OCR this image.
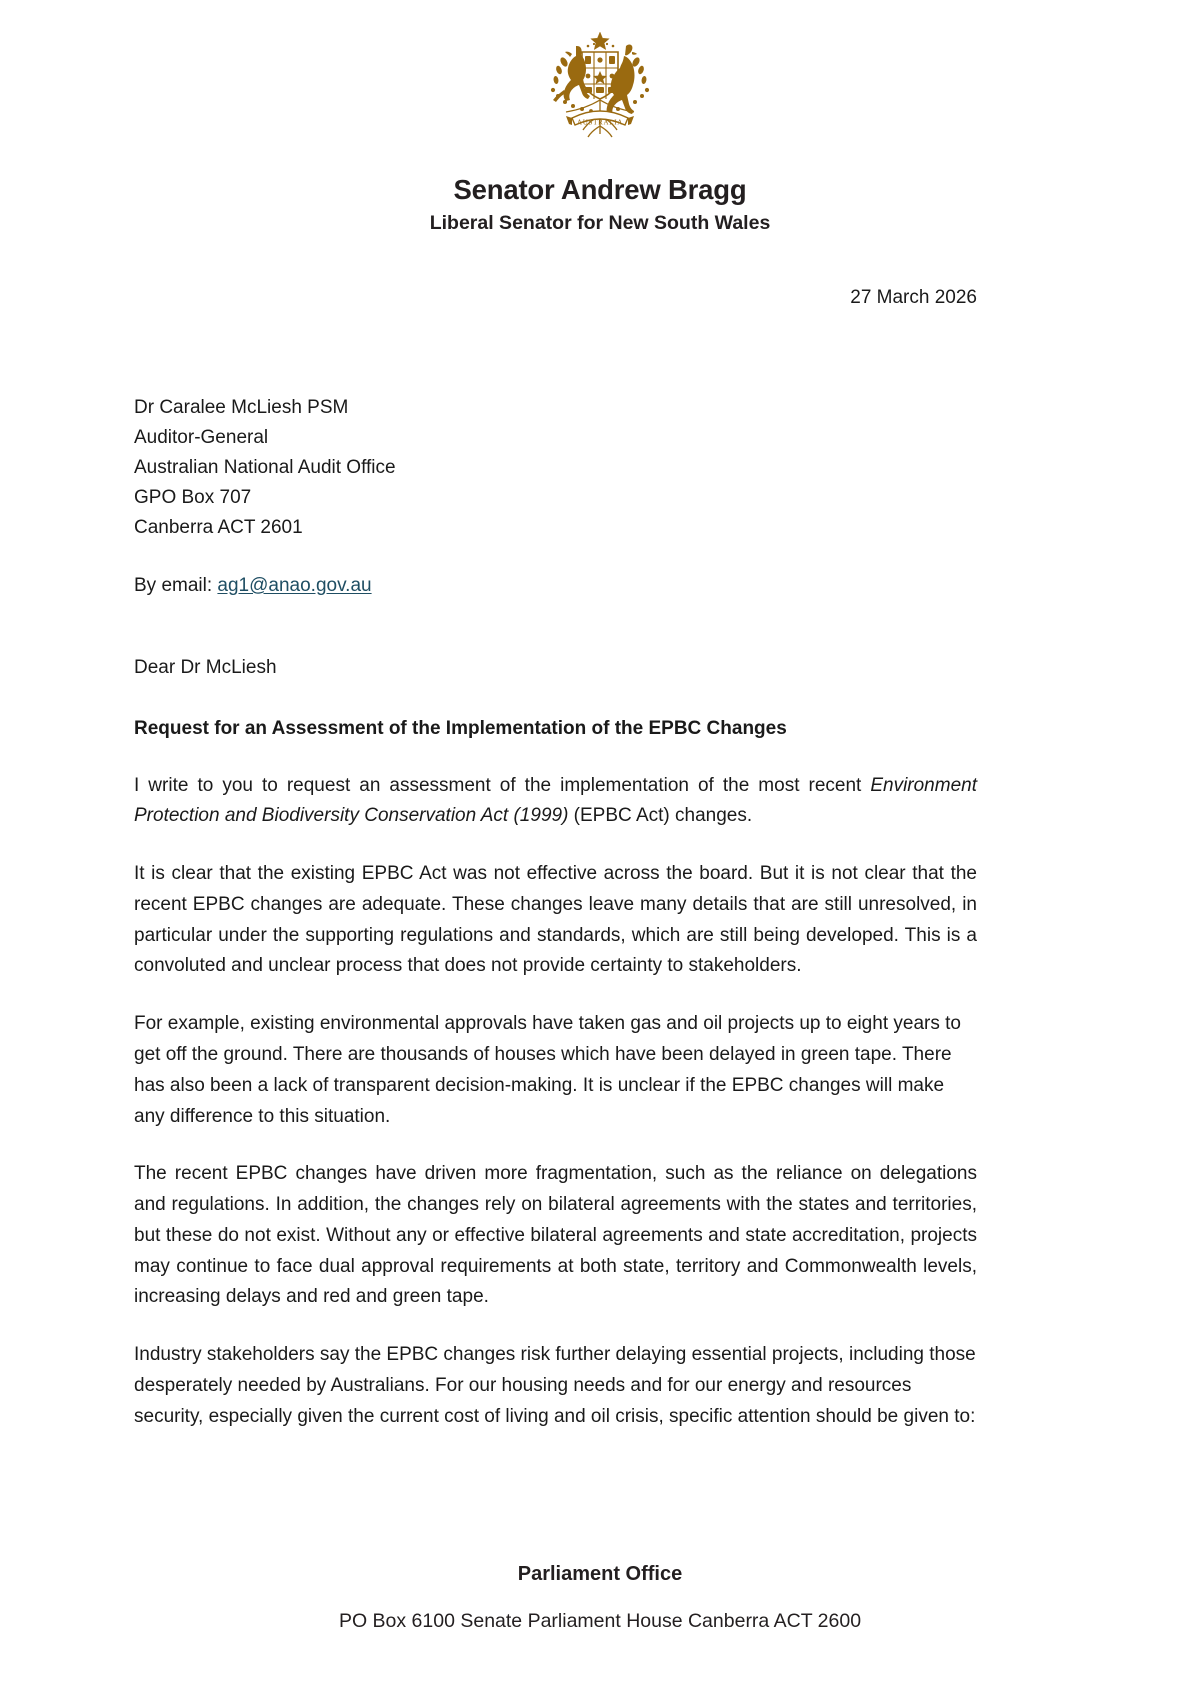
AUSTRALIA
Senator Andrew Bragg
Liberal Senator for New South Wales
27 March 2026
Dr Caralee McLiesh PSM
Auditor-General
Australian National Audit Office
GPO Box 707
Canberra ACT 2601
By email: ag1@anao.gov.au
Dear Dr McLiesh
Request for an Assessment of the Implementation of the EPBC Changes

I write to you to request an assessment of the implementation of the most recent Environment Protection and Biodiversity Conservation Act (1999) (EPBC Act) changes.

It is clear that the existing EPBC Act was not effective across the board. But it is not clear that the recent EPBC changes are adequate. These changes leave many details that are still unresolved, in particular under the supporting regulations and standards, which are still being developed. This is a convoluted and unclear process that does not provide certainty to stakeholders.

For example, existing environmental approvals have taken gas and oil projects up to eight years to get off the ground. There are thousands of houses which have been delayed in green tape. There has also been a lack of transparent decision-making. It is unclear if the EPBC changes will make any difference to this situation.

The recent EPBC changes have driven more fragmentation, such as the reliance on delegations and regulations. In addition, the changes rely on bilateral agreements with the states and territories, but these do not exist. Without any or effective bilateral agreements and state accreditation, projects may continue to face dual approval requirements at both state, territory and Commonwealth levels, increasing delays and red and green tape.

Industry stakeholders say the EPBC changes risk further delaying essential projects, including those desperately needed by Australians. For our housing needs and for our energy and resources security, especially given the current cost of living and oil crisis, specific attention should be given to:

Parliament Office
PO Box 6100 Senate Parliament House Canberra ACT 2600
